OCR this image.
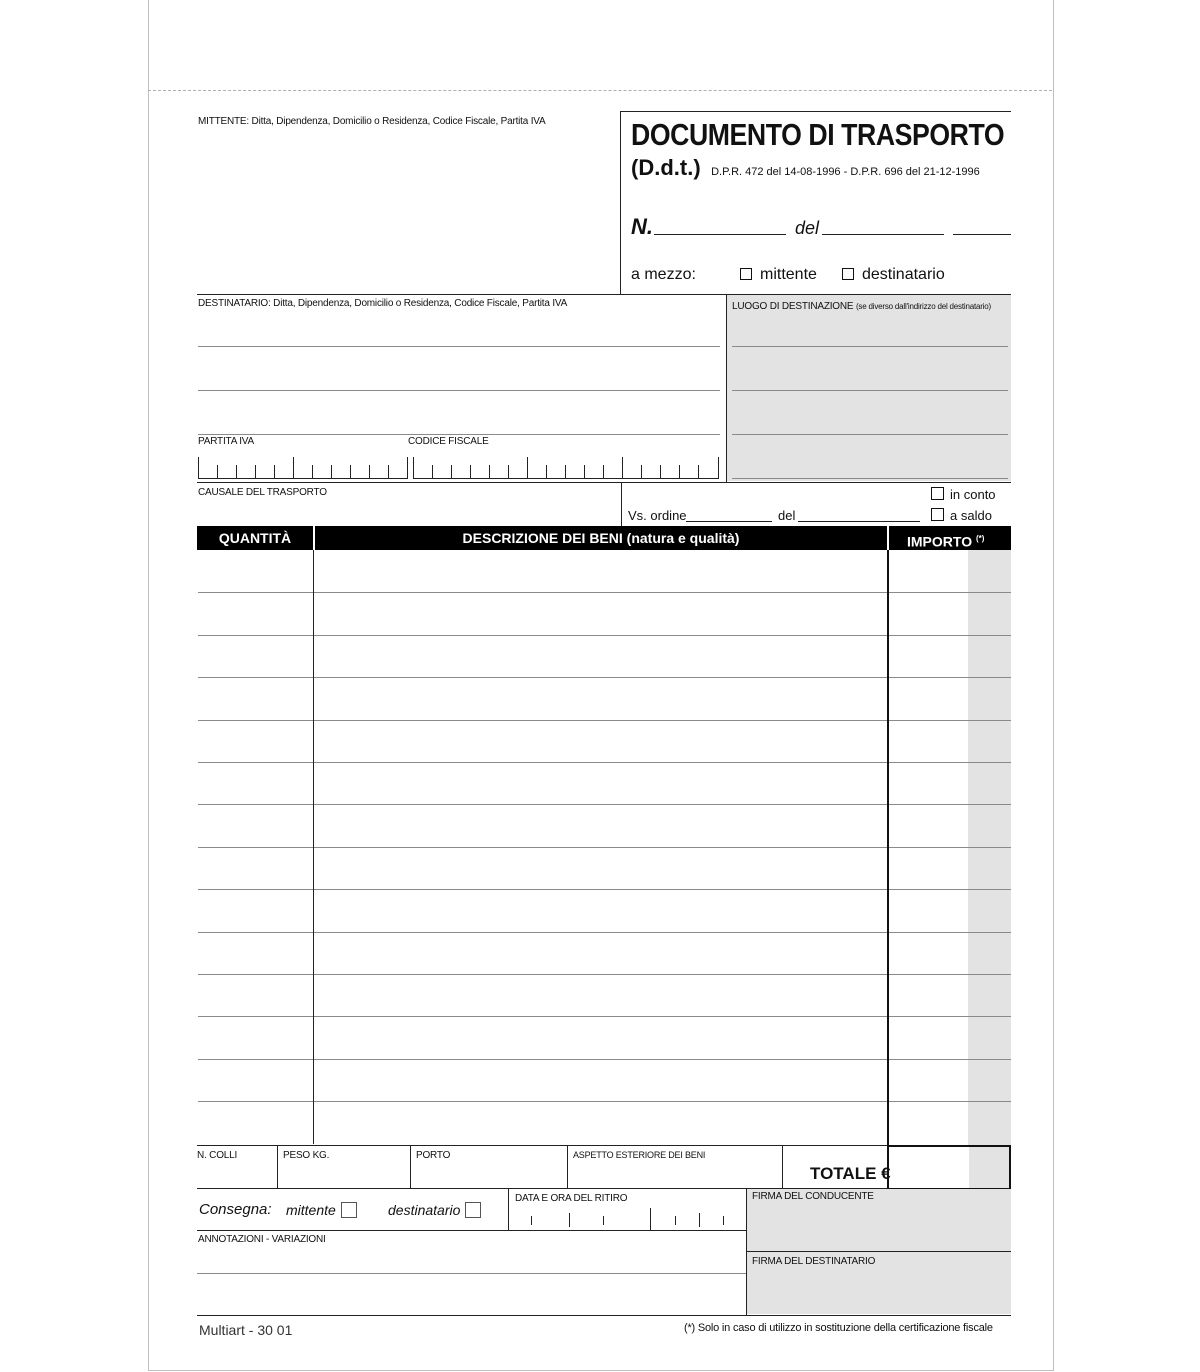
MITTENTE: Ditta, Dipendenza, Domicilio o Residenza, Codice Fiscale, Partita IVA	DOCUMENTO DI TRASPORTO
(D.d.t.) D.P.R. 472 del 14-08-1996 - D.P.R. 696 del 21-12-1996
N.	del
a mezzo:	mittente	destinatario
DESTINATARIO: Ditta, Dipendenza, Domicilio o Residenza, Codice Fiscale, Partita IVA
PARTITA IVA	CODICE FISCALE
LUOGO DI DESTINAZIONE (se diverso dall'indirizzo del destinatario)
CAUSALE DEL TRASPORTO
Vs. ordine	del
in conto
a saldo
QUANTITÀ	DESCRIZIONE DEI BENI (natura e qualità)	IMPORTO (*)
N. COLLI	PESO KG.	PORTO	ASPETTO ESTERIORE DEI BENI
TOTALE €
Consegna: mittente	destinatario
DATA E ORA DEL RITIRO	FIRMA DEL CONDUCENTE
FIRMA DEL DESTINATARIO
ANNOTAZIONI - VARIAZIONI
Multiart - 30 01	(*) Solo in caso di utilizzo in sostituzione della certificazione fiscale
